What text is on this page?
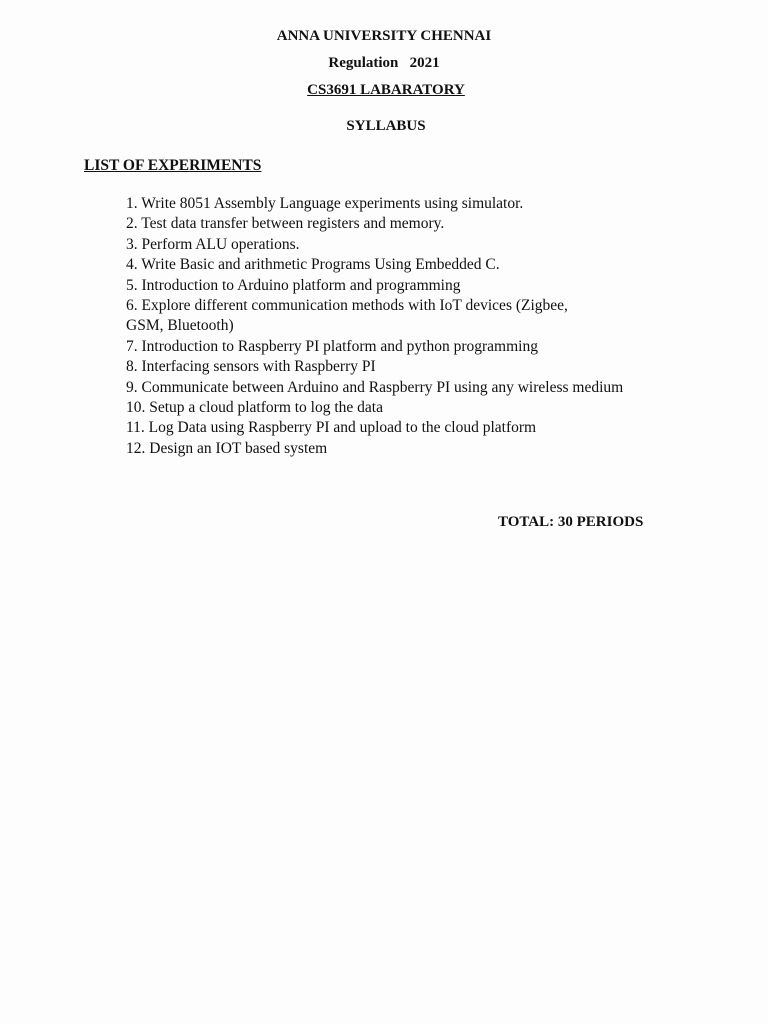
ANNA UNIVERSITY CHENNAI
Regulation   2021
CS3691 LABARATORY
SYLLABUS
LIST OF EXPERIMENTS
1. Write 8051 Assembly Language experiments using simulator.
2. Test data transfer between registers and memory.
3. Perform ALU operations.
4. Write Basic and arithmetic Programs Using Embedded C.
5. Introduction to Arduino platform and programming
6. Explore different communication methods with IoT devices (Zigbee,
GSM, Bluetooth)
7. Introduction to Raspberry PI platform and python programming
8. Interfacing sensors with Raspberry PI
9. Communicate between Arduino and Raspberry PI using any wireless medium
10. Setup a cloud platform to log the data
11. Log Data using Raspberry PI and upload to the cloud platform
12. Design an IOT based system
TOTAL: 30 PERIODS
